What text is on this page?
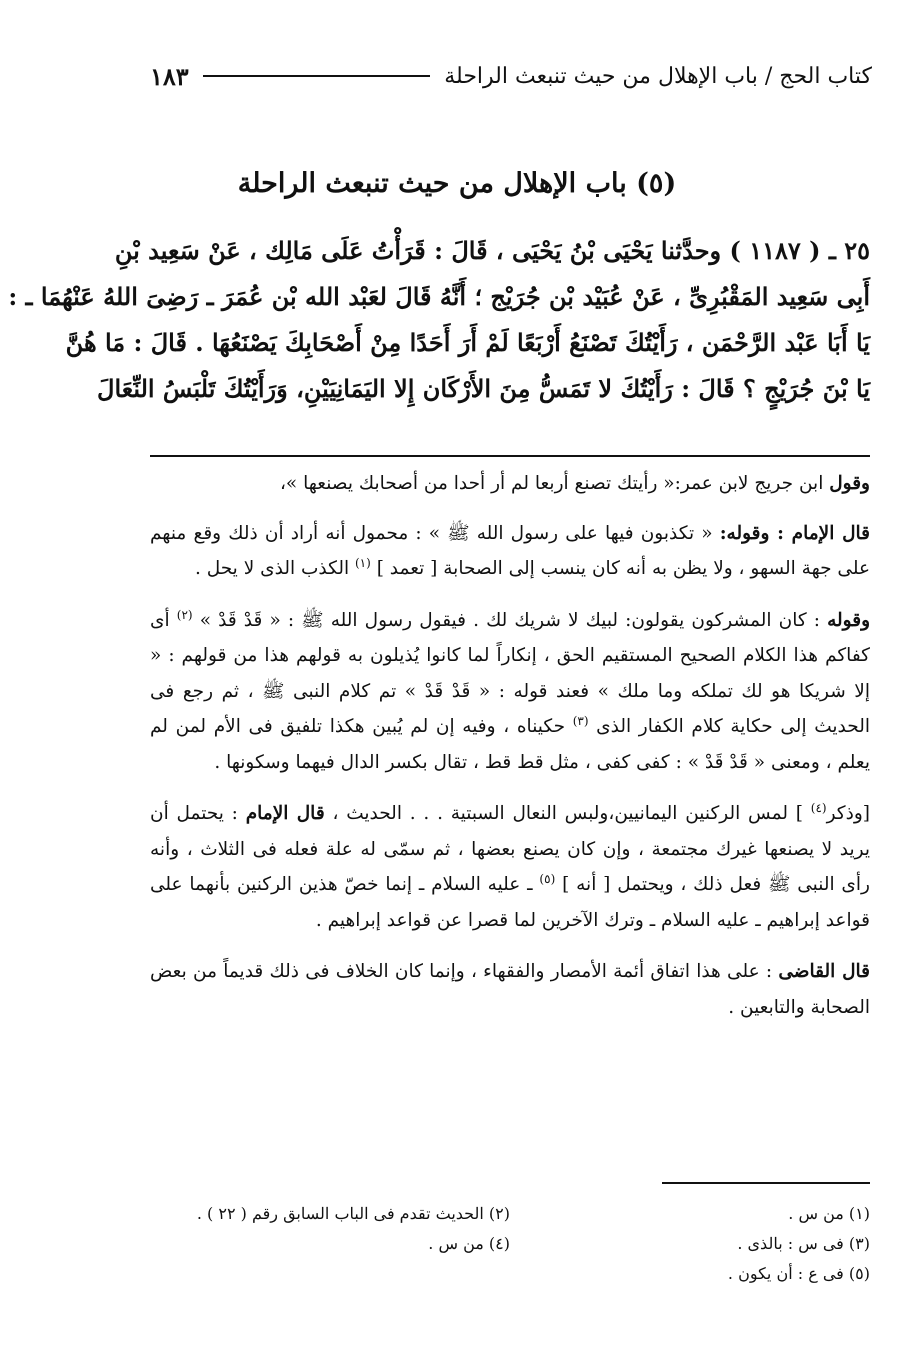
كتاب الحج / باب الإهلال من حيث تنبعث الراحلة
١٨٣
(٥) باب الإهلال من حيث تنبعث الراحلة

٢٥ ـ ( ١١٨٧ ) وحدَّثنا يَحْيَى بْنُ يَحْيَى ، قَالَ : قَرَأْتُ عَلَى مَالِك ، عَنْ سَعِيد بْنِ

أَبِى سَعِيد المَقْبُرِىِّ ، عَنْ عُبَيْد بْن جُرَيْج ؛ أَنَّهُ قَالَ لعَبْد الله بْن عُمَرَ ـ رَضِىَ اللهُ عَنْهُمَا ـ :

يَا أَبَا عَبْد الرَّحْمَن ، رَأَيْتُكَ تَصْنَعُ أَرْبَعًا لَمْ أَرَ أَحَدًا مِنْ أَصْحَابِكَ يَصْنَعُهَا . قَالَ : مَا هُنَّ

يَا بْنَ جُرَيْجٍ ؟ قَالَ : رَأَيْتُكَ لا تَمَسُّ مِنَ الأَرْكَان إِلا اليَمَانِيَيْنِ، وَرَأَيْتُكَ تَلْبَسُ النِّعَالَ

وقول ابن جريج لابن عمر:« رأيتك تصنع أربعا لم أر أحدا من أصحابك يصنعها »،

قال الإمام : وقوله: « تكذبون فيها على رسول الله ﷺ » : محمول أنه أراد أن ذلك وقع منهم على جهة السهو ، ولا يظن به أنه كان ينسب إلى الصحابة [ تعمد ] $^{(١)}$ الكذب الذى لا يحل .

وقوله : كان المشركون يقولون: لبيك لا شريك لك . فيقول رسول الله ﷺ : « قَدْ قَدْ » $^{(٢)}$ أى كفاكم هذا الكلام الصحيح المستقيم الحق ، إنكاراً لما كانوا يُذيلون به قولهم هذا من قولهم : « إلا شريكا هو لك تملكه وما ملك » فعند قوله : « قَدْ قَدْ » تم كلام النبى ﷺ ، ثم رجع فى الحديث إلى حكاية كلام الكفار الذى $^{(٣)}$ حكيناه ، وفيه إن لم يُبين هكذا تلفيق فى الأم لمن لم يعلم ، ومعنى « قَدْ قَدْ » : كفى كفى ، مثل قط قط ، تقال بكسر الدال فيهما وسكونها .

[وذكر$^{(٤)}$ ] لمس الركنين اليمانيين،ولبس النعال السبتية . . . الحديث ، قال الإمام : يحتمل أن يريد لا يصنعها غيرك مجتمعة ، وإن كان يصنع بعضها ، ثم سمّى له علة فعله فى الثلاث ، وأنه رأى النبى ﷺ فعل ذلك ، ويحتمل [ أنه ] $^{(٥)}$ ـ عليه السلام ـ إنما خصّ هذين الركنين بأنهما على قواعد إبراهيم ـ عليه السلام ـ وترك الآخرين لما قصرا عن قواعد إبراهيم .

قال القاضى : على هذا اتفاق أئمة الأمصار والفقهاء ، وإنما كان الخلاف فى ذلك قديماً من بعض الصحابة والتابعين .

(١) من س .
(٢) الحديث تقدم فى الباب السابق رقم ( ٢٢ ) .
(٣) فى س : بالذى .
(٤) من س .
(٥) فى ع : أن يكون .
